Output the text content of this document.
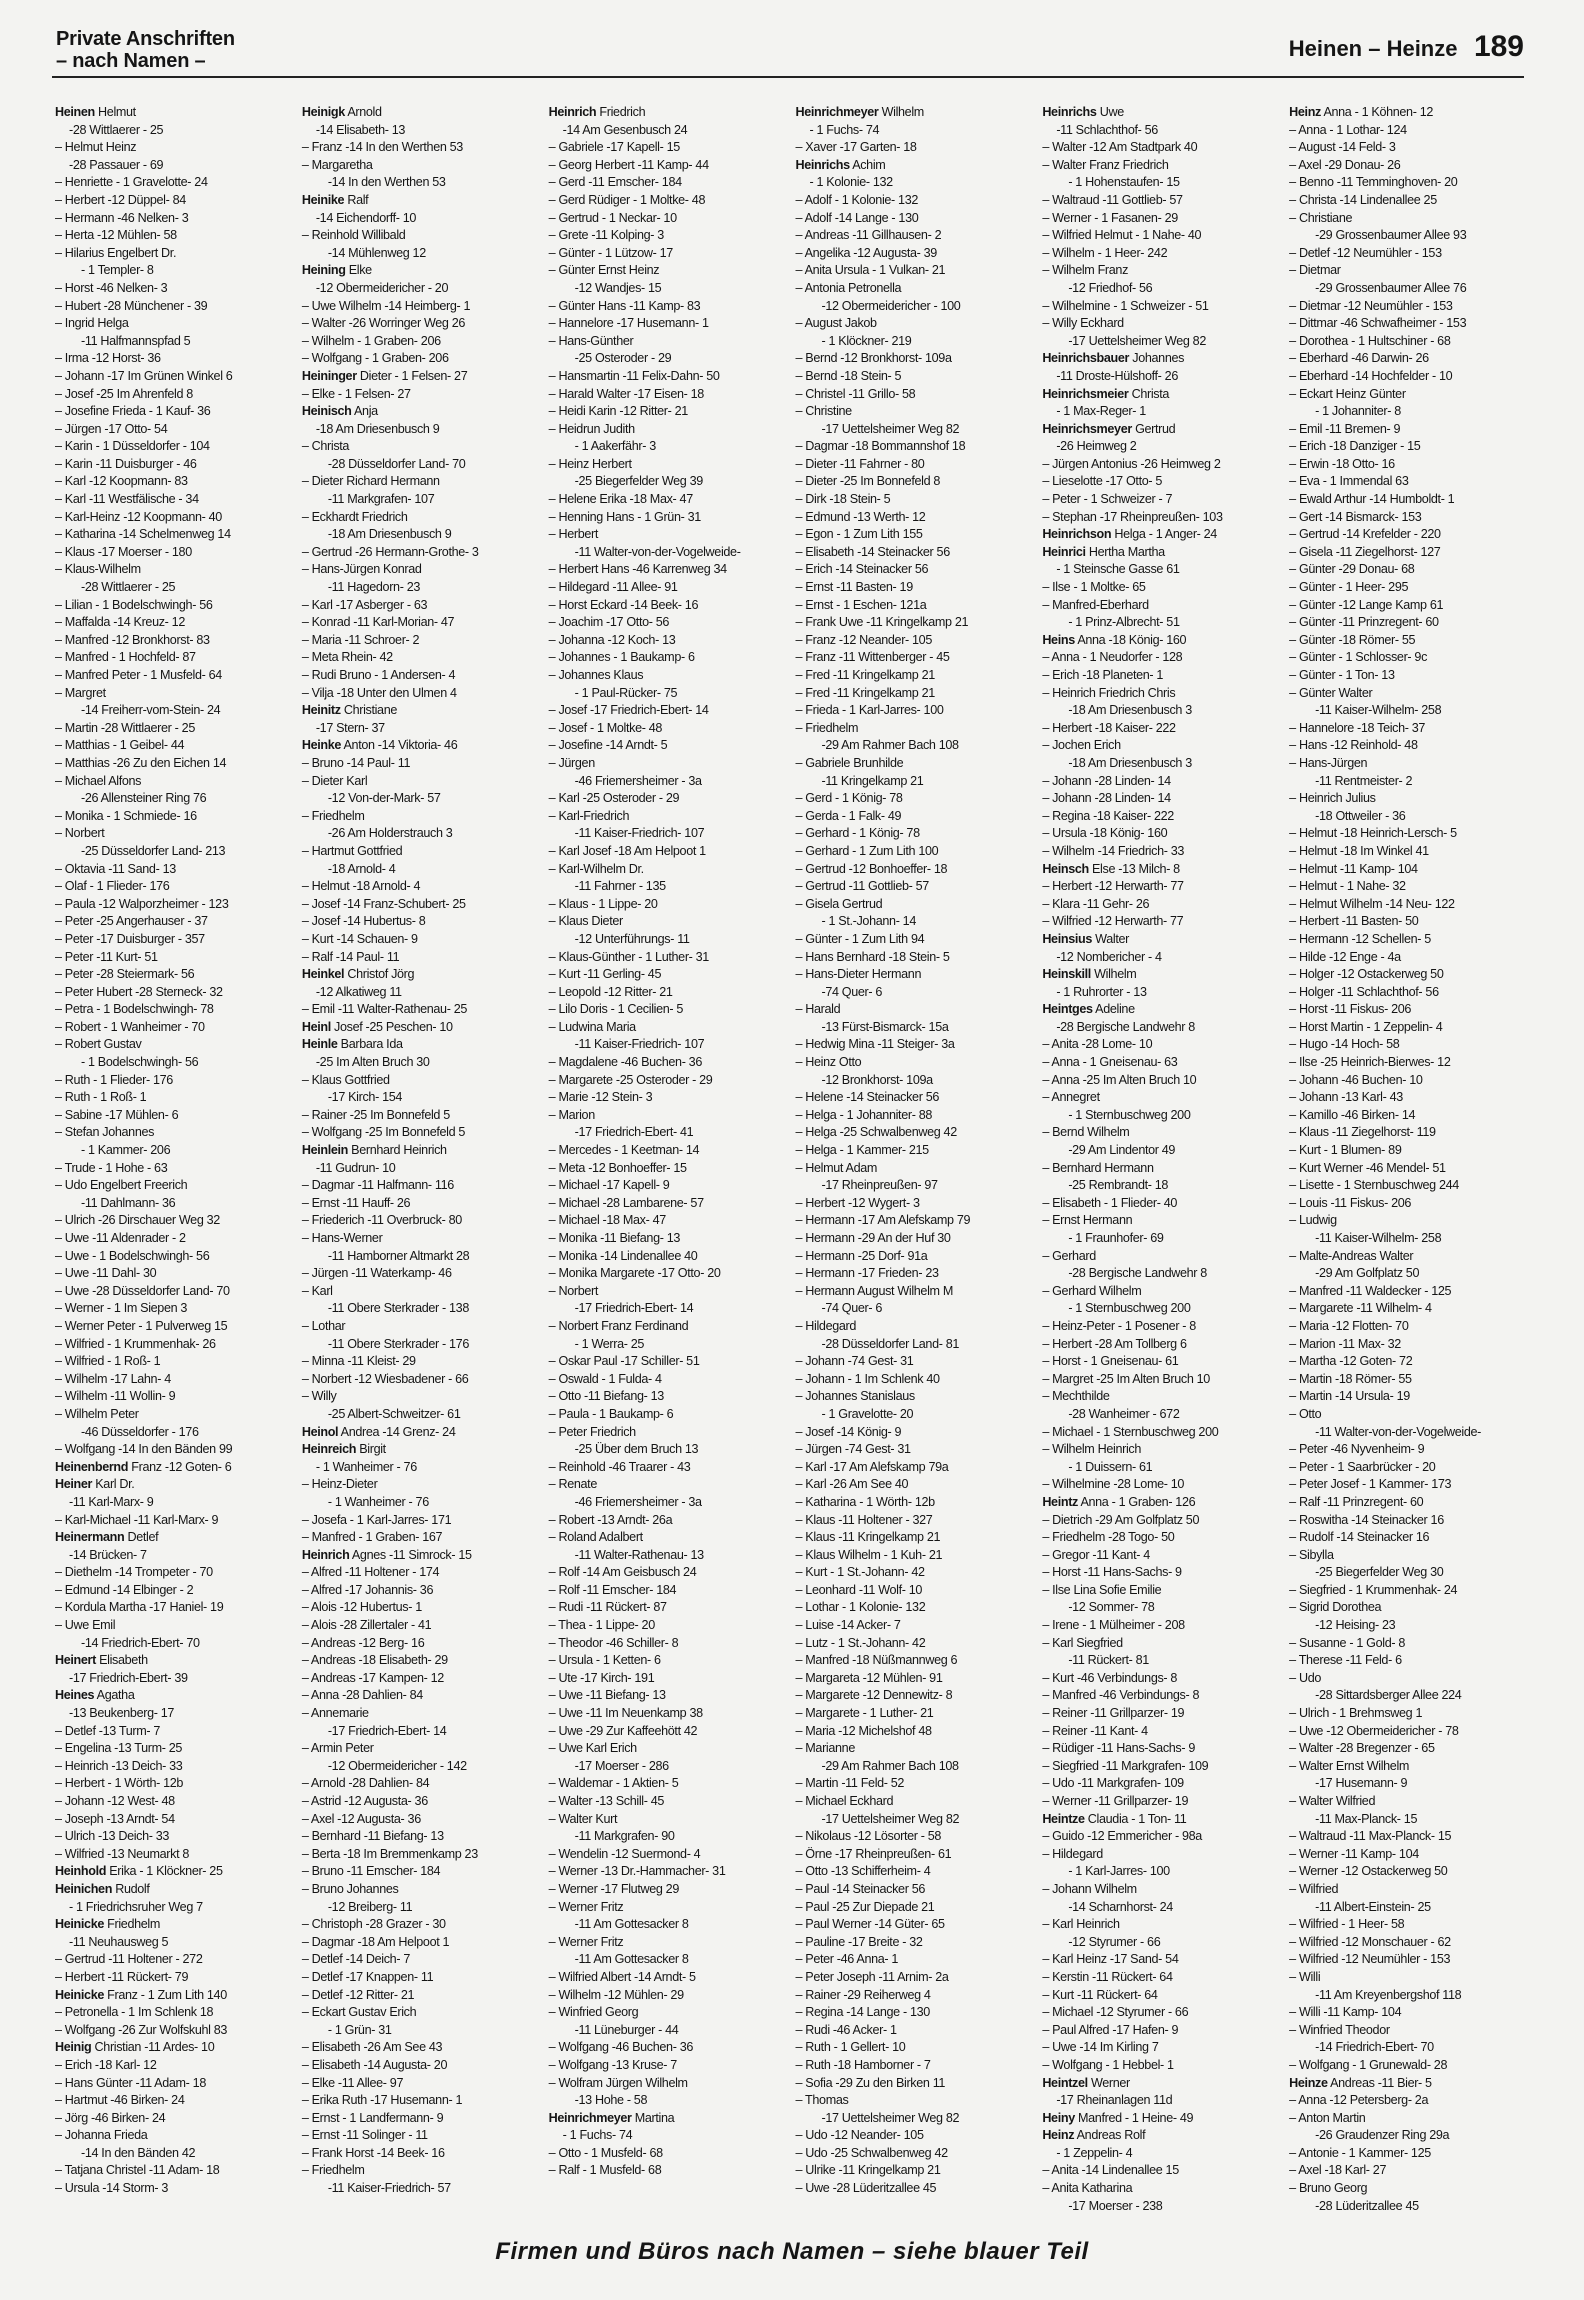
Private Anschriften
– nach Namen –	Heinen – Heinze 189
Heinen Helmut
-28 Wittlaerer - 25
– Helmut Heinz
-28 Passauer - 69
– Henriette - 1 Gravelotte- 24
– Herbert -12 Düppel- 84
– Hermann -46 Nelken- 3
– Herta -12 Mühlen- 58
– Hilarius Engelbert Dr.
- 1 Templer- 8
– Horst -46 Nelken- 3
– Hubert -28 Münchener - 39
– Ingrid Helga
-11 Halfmannspfad 5
– Irma -12 Horst- 36
– Johann -17 Im Grünen Winkel 6
– Josef -25 Im Ahrenfeld 8
– Josefine Frieda - 1 Kauf- 36
– Jürgen -17 Otto- 54
– Karin - 1 Düsseldorfer - 104
– Karin -11 Duisburger - 46
– Karl -12 Koopmann- 83
– Karl -11 Westfälische - 34
– Karl-Heinz -12 Koopmann- 40
– Katharina -14 Schelmenweg 14
– Klaus -17 Moerser - 180
– Klaus-Wilhelm
-28 Wittlaerer - 25
– Lilian - 1 Bodelschwingh- 56
– Maffalda -14 Kreuz- 12
– Manfred -12 Bronkhorst- 83
– Manfred - 1 Hochfeld- 87
– Manfred Peter - 1 Musfeld- 64
– Margret
-14 Freiherr-vom-Stein- 24
– Martin -28 Wittlaerer - 25
– Matthias - 1 Geibel- 44
– Matthias -26 Zu den Eichen 14
– Michael Alfons
-26 Allensteiner Ring 76
– Monika - 1 Schmiede- 16
– Norbert
-25 Düsseldorfer Land- 213
– Oktavia -11 Sand- 13
– Olaf - 1 Flieder- 176
– Paula -12 Walporzheimer - 123
– Peter -25 Angerhauser - 37
– Peter -17 Duisburger - 357
– Peter -11 Kurt- 51
– Peter -28 Steiermark- 56
– Peter Hubert -28 Sterneck- 32
– Petra - 1 Bodelschwingh- 78
– Robert - 1 Wanheimer - 70
– Robert Gustav
- 1 Bodelschwingh- 56
– Ruth - 1 Flieder- 176
– Ruth - 1 Roß- 1
– Sabine -17 Mühlen- 6
– Stefan Johannes
- 1 Kammer- 206
– Trude - 1 Hohe - 63
– Udo Engelbert Freerich
-11 Dahlmann- 36
– Ulrich -26 Dirschauer Weg 32
– Uwe -11 Aldenrader - 2
– Uwe - 1 Bodelschwingh- 56
– Uwe -11 Dahl- 30
– Uwe -28 Düsseldorfer Land- 70
– Werner - 1 Im Siepen 3
– Werner Peter - 1 Pulverweg 15
– Wilfried - 1 Krummenhak- 26
– Wilfried - 1 Roß- 1
– Wilhelm -17 Lahn- 4
– Wilhelm -11 Wollin- 9
– Wilhelm Peter
-46 Düsseldorfer - 176
– Wolfgang -14 In den Bänden 99
Heinenbernd Franz -12 Goten- 6
Heiner Karl Dr.
-11 Karl-Marx- 9
– Karl-Michael -11 Karl-Marx- 9
Heinermann Detlef
-14 Brücken- 7
– Diethelm -14 Trompeter - 70
– Edmund -14 Elbinger - 2
– Kordula Martha -17 Haniel- 19
– Uwe Emil
-14 Friedrich-Ebert- 70
Heinert Elisabeth
-17 Friedrich-Ebert- 39
Heines Agatha
-13 Beukenberg- 17
– Detlef -13 Turm- 7
– Engelina -13 Turm- 25
– Heinrich -13 Deich- 33
– Herbert - 1 Wörth- 12b
– Johann -12 West- 48
– Joseph -13 Arndt- 54
– Ulrich -13 Deich- 33
– Wilfried -13 Neumarkt 8
Heinhold Erika - 1 Klöckner- 25
Heinichen Rudolf
- 1 Friedrichsruher Weg 7
Heinicke Friedhelm
-11 Neuhausweg 5
– Gertrud -11 Holtener - 272
– Herbert -11 Rückert- 79
Heinicke Franz - 1 Zum Lith 140
– Petronella - 1 Im Schlenk 18
– Wolfgang -26 Zur Wolfskuhl 83
Heinig Christian -11 Ardes- 10
– Erich -18 Karl- 12
– Hans Günter -11 Adam- 18
– Hartmut -46 Birken- 24
– Jörg -46 Birken- 24
– Johanna Frieda
-14 In den Bänden 42
– Tatjana Christel -11 Adam- 18
– Ursula -14 Storm- 3
Heinigk Arnold
-14 Elisabeth- 13
– Franz -14 In den Werthen 53
– Margaretha
-14 In den Werthen 53
Heinike Ralf
-14 Eichendorff- 10
– Reinhold Willibald
-14 Mühlenweg 12
Heining Elke
-12 Obermeidericher - 20
– Uwe Wilhelm -14 Heimberg- 1
– Walter -26 Worringer Weg 26
– Wilhelm - 1 Graben- 206
– Wolfgang - 1 Graben- 206
Heininger Dieter - 1 Felsen- 27
– Elke - 1 Felsen- 27
Heinisch Anja
-18 Am Driesenbusch 9
– Christa
-28 Düsseldorfer Land- 70
– Dieter Richard Hermann
-11 Markgrafen- 107
– Eckhardt Friedrich
-18 Am Driesenbusch 9
– Gertrud -26 Hermann-Grothe- 3
– Hans-Jürgen Konrad
-11 Hagedorn- 23
– Karl -17 Asberger - 63
– Konrad -11 Karl-Morian- 47
– Maria -11 Schroer- 2
– Meta Rhein- 42
– Rudi Bruno - 1 Andersen- 4
– Vilja -18 Unter den Ulmen 4
Heinitz Christiane
-17 Stern- 37
Heinke Anton -14 Viktoria- 46
– Bruno -14 Paul- 11
– Dieter Karl
-12 Von-der-Mark- 57
– Friedhelm
-26 Am Holderstrauch 3
– Hartmut Gottfried
-18 Arnold- 4
– Helmut -18 Arnold- 4
– Josef -14 Franz-Schubert- 25
– Josef -14 Hubertus- 8
– Kurt -14 Schauen- 9
– Ralf -14 Paul- 11
Heinkel Christof Jörg
-12 Alkatiweg 11
– Emil -11 Walter-Rathenau- 25
Heinl Josef -25 Peschen- 10
Heinle Barbara Ida
-25 Im Alten Bruch 30
– Klaus Gottfried
-17 Kirch- 154
– Rainer -25 Im Bonnefeld 5
– Wolfgang -25 Im Bonnefeld 5
Heinlein Bernhard Heinrich
-11 Gudrun- 10
– Dagmar -11 Halfmann- 116
– Ernst -11 Hauff- 26
– Friederich -11 Overbruck- 80
– Hans-Werner
-11 Hamborner Altmarkt 28
– Jürgen -11 Waterkamp- 46
– Karl
-11 Obere Sterkrader - 138
– Lothar
-11 Obere Sterkrader - 176
– Minna -11 Kleist- 29
– Norbert -12 Wiesbadener - 66
– Willy
-25 Albert-Schweitzer- 61
Heinol Andrea -14 Grenz- 24
Heinreich Birgit
- 1 Wanheimer - 76
– Heinz-Dieter
- 1 Wanheimer - 76
– Josefa - 1 Karl-Jarres- 171
– Manfred - 1 Graben- 167
Heinrich Agnes -11 Simrock- 15
– Alfred -11 Holtener - 174
– Alfred -17 Johannis- 36
– Alois -12 Hubertus- 1
– Alois -28 Zillertaler - 41
– Andreas -12 Berg- 16
– Andreas -18 Elisabeth- 29
– Andreas -17 Kampen- 12
– Anna -28 Dahlien- 84
– Annemarie
-17 Friedrich-Ebert- 14
– Armin Peter
-12 Obermeidericher - 142
– Arnold -28 Dahlien- 84
– Astrid -12 Augusta- 36
– Axel -12 Augusta- 36
– Bernhard -11 Biefang- 13
– Berta -18 Im Bremmenkamp 23
– Bruno -11 Emscher- 184
– Bruno Johannes
-12 Breiberg- 11
– Christoph -28 Grazer - 30
– Dagmar -18 Am Helpoot 1
– Detlef -14 Deich- 7
– Detlef -17 Knappen- 11
– Detlef -12 Ritter- 21
– Eckart Gustav Erich
- 1 Grün- 31
– Elisabeth -26 Am See 43
– Elisabeth -14 Augusta- 20
– Elke -11 Allee- 97
– Erika Ruth -17 Husemann- 1
– Ernst - 1 Landfermann- 9
– Ernst -11 Solinger - 11
– Frank Horst -14 Beek- 16
– Friedhelm
-11 Kaiser-Friedrich- 57
Heinrich Friedrich
-14 Am Gesenbusch 24
– Gabriele -17 Kapell- 15
– Georg Herbert -11 Kamp- 44
– Gerd -11 Emscher- 184
– Gerd Rüdiger - 1 Moltke- 48
– Gertrud - 1 Neckar- 10
– Grete -11 Kolping- 3
– Günter - 1 Lützow- 17
– Günter Ernst Heinz
-12 Wandjes- 15
– Günter Hans -11 Kamp- 83
– Hannelore -17 Husemann- 1
– Hans-Günther
-25 Osteroder - 29
– Hansmartin -11 Felix-Dahn- 50
– Harald Walter -17 Eisen- 18
– Heidi Karin -12 Ritter- 21
– Heidrun Judith
- 1 Aakerfähr- 3
– Heinz Herbert
-25 Biegerfelder Weg 39
– Helene Erika -18 Max- 47
– Henning Hans - 1 Grün- 31
– Herbert
-11 Walter-von-der-Vogelweide-
– Herbert Hans -46 Karrenweg 34
– Hildegard -11 Allee- 91
– Horst Eckard -14 Beek- 16
– Joachim -17 Otto- 56
– Johanna -12 Koch- 13
– Johannes - 1 Baukamp- 6
– Johannes Klaus
- 1 Paul-Rücker- 75
– Josef -17 Friedrich-Ebert- 14
– Josef - 1 Moltke- 48
– Josefine -14 Arndt- 5
– Jürgen
-46 Friemersheimer - 3a
– Karl -25 Osteroder - 29
– Karl-Friedrich
-11 Kaiser-Friedrich- 107
– Karl Josef -18 Am Helpoot 1
– Karl-Wilhelm Dr.
-11 Fahrner - 135
– Klaus - 1 Lippe- 20
– Klaus Dieter
-12 Unterführungs- 11
– Klaus-Günther - 1 Luther- 31
– Kurt -11 Gerling- 45
– Leopold -12 Ritter- 21
– Lilo Doris - 1 Cecilien- 5
– Ludwina Maria
-11 Kaiser-Friedrich- 107
– Magdalene -46 Buchen- 36
– Margarete -25 Osteroder - 29
– Marie -12 Stein- 3
– Marion
-17 Friedrich-Ebert- 41
– Mercedes - 1 Keetman- 14
– Meta -12 Bonhoeffer- 15
– Michael -17 Kapell- 9
– Michael -28 Lambarene- 57
– Michael -18 Max- 47
– Monika -11 Biefang- 13
– Monika -14 Lindenallee 40
– Monika Margarete -17 Otto- 20
– Norbert
-17 Friedrich-Ebert- 14
– Norbert Franz Ferdinand
- 1 Werra- 25
– Oskar Paul -17 Schiller- 51
– Oswald - 1 Fulda- 4
– Otto -11 Biefang- 13
– Paula - 1 Baukamp- 6
– Peter Friedrich
-25 Über dem Bruch 13
– Reinhold -46 Traarer - 43
– Renate
-46 Friemersheimer - 3a
– Robert -13 Arndt- 26a
– Roland Adalbert
-11 Walter-Rathenau- 13
– Rolf -14 Am Geisbusch 24
– Rolf -11 Emscher- 184
– Rudi -11 Rückert- 87
– Thea - 1 Lippe- 20
– Theodor -46 Schiller- 8
– Ursula - 1 Ketten- 6
– Ute -17 Kirch- 191
– Uwe -11 Biefang- 13
– Uwe -11 Im Neuenkamp 38
– Uwe -29 Zur Kaffeehött 42
– Uwe Karl Erich
-17 Moerser - 286
– Waldemar - 1 Aktien- 5
– Walter -13 Schill- 45
– Walter Kurt
-11 Markgrafen- 90
– Wendelin -12 Suermond- 4
– Werner -13 Dr.-Hammacher- 31
– Werner -17 Flutweg 29
– Werner Fritz
-11 Am Gottesacker 8
– Werner Fritz
-11 Am Gottesacker 8
– Wilfried Albert -14 Arndt- 5
– Wilhelm -12 Mühlen- 29
– Winfried Georg
-11 Lüneburger - 44
– Wolfgang -46 Buchen- 36
– Wolfgang -13 Kruse- 7
– Wolfram Jürgen Wilhelm
-13 Hohe - 58
Heinrichmeyer Martina
- 1 Fuchs- 74
– Otto - 1 Musfeld- 68
– Ralf - 1 Musfeld- 68
Heinrichmeyer Wilhelm
- 1 Fuchs- 74
– Xaver -17 Garten- 18
Heinrichs Achim
- 1 Kolonie- 132
– Adolf - 1 Kolonie- 132
– Adolf -14 Lange - 130
– Andreas -11 Gillhausen- 2
– Angelika -12 Augusta- 39
– Anita Ursula - 1 Vulkan- 21
– Antonia Petronella
-12 Obermeidericher - 100
– August Jakob
- 1 Klöckner- 219
– Bernd -12 Bronkhorst- 109a
– Bernd -18 Stein- 5
– Christel -11 Grillo- 58
– Christine
-17 Uettelsheimer Weg 82
– Dagmar -18 Bommannshof 18
– Dieter -11 Fahrner - 80
– Dieter -25 Im Bonnefeld 8
– Dirk -18 Stein- 5
– Edmund -13 Werth- 12
– Egon - 1 Zum Lith 155
– Elisabeth -14 Steinacker 56
– Erich -14 Steinacker 56
– Ernst -11 Basten- 19
– Ernst - 1 Eschen- 121a
– Frank Uwe -11 Kringelkamp 21
– Franz -12 Neander- 105
– Franz -11 Wittenberger - 45
– Fred -11 Kringelkamp 21
– Fred -11 Kringelkamp 21
– Frieda - 1 Karl-Jarres- 100
– Friedhelm
-29 Am Rahmer Bach 108
– Gabriele Brunhilde
-11 Kringelkamp 21
– Gerd - 1 König- 78
– Gerda - 1 Falk- 49
– Gerhard - 1 König- 78
– Gerhard - 1 Zum Lith 100
– Gertrud -12 Bonhoeffer- 18
– Gertrud -11 Gottlieb- 57
– Gisela Gertrud
- 1 St.-Johann- 14
– Günter - 1 Zum Lith 94
– Hans Bernhard -18 Stein- 5
– Hans-Dieter Hermann
-74 Quer- 6
– Harald
-13 Fürst-Bismarck- 15a
– Hedwig Mina -11 Steiger- 3a
– Heinz Otto
-12 Bronkhorst- 109a
– Helene -14 Steinacker 56
– Helga - 1 Johanniter- 88
– Helga -25 Schwalbenweg 42
– Helga - 1 Kammer- 215
– Helmut Adam
-17 Rheinpreußen- 97
– Herbert -12 Wygert- 3
– Hermann -17 Am Alefskamp 79
– Hermann -29 An der Huf 30
– Hermann -25 Dorf- 91a
– Hermann -17 Frieden- 23
– Hermann August Wilhelm M
-74 Quer- 6
– Hildegard
-28 Düsseldorfer Land- 81
– Johann -74 Gest- 31
– Johann - 1 Im Schlenk 40
– Johannes Stanislaus
- 1 Gravelotte- 20
– Josef -14 König- 9
– Jürgen -74 Gest- 31
– Karl -17 Am Alefskamp 79a
– Karl -26 Am See 40
– Katharina - 1 Wörth- 12b
– Klaus -11 Holtener - 327
– Klaus -11 Kringelkamp 21
– Klaus Wilhelm - 1 Kuh- 21
– Kurt - 1 St.-Johann- 42
– Leonhard -11 Wolf- 10
– Lothar - 1 Kolonie- 132
– Luise -14 Acker- 7
– Lutz - 1 St.-Johann- 42
– Manfred -18 Nüßmannweg 6
– Margareta -12 Mühlen- 91
– Margarete -12 Dennewitz- 8
– Margarete - 1 Luther- 21
– Maria -12 Michelshof 48
– Marianne
-29 Am Rahmer Bach 108
– Martin -11 Feld- 52
– Michael Eckhard
-17 Uettelsheimer Weg 82
– Nikolaus -12 Lösorter - 58
– Örne -17 Rheinpreußen- 61
– Otto -13 Schifferheim- 4
– Paul -14 Steinacker 56
– Paul -25 Zur Diepade 21
– Paul Werner -14 Güter- 65
– Pauline -17 Breite - 32
– Peter -46 Anna- 1
– Peter Joseph -11 Arnim- 2a
– Rainer -29 Reiherweg 4
– Regina -14 Lange - 130
– Rudi -46 Acker- 1
– Ruth - 1 Gellert- 10
– Ruth -18 Hamborner - 7
– Sofia -29 Zu den Birken 11
– Thomas
-17 Uettelsheimer Weg 82
– Udo -12 Neander- 105
– Udo -25 Schwalbenweg 42
– Ulrike -11 Kringelkamp 21
– Uwe -28 Lüderitzallee 45
Heinrichs Uwe
-11 Schlachthof- 56
– Walter -12 Am Stadtpark 40
– Walter Franz Friedrich
- 1 Hohenstaufen- 15
– Waltraud -11 Gottlieb- 57
– Werner - 1 Fasanen- 29
– Wilfried Helmut - 1 Nahe- 40
– Wilhelm - 1 Heer- 242
– Wilhelm Franz
-12 Friedhof- 56
– Wilhelmine - 1 Schweizer - 51
– Willy Eckhard
-17 Uettelsheimer Weg 82
Heinrichsbauer Johannes
-11 Droste-Hülshoff- 26
Heinrichsmeier Christa
- 1 Max-Reger- 1
Heinrichsmeyer Gertrud
-26 Heimweg 2
– Jürgen Antonius -26 Heimweg 2
– Lieselotte -17 Otto- 5
– Peter - 1 Schweizer - 7
– Stephan -17 Rheinpreußen- 103
Heinrichson Helga - 1 Anger- 24
Heinrici Hertha Martha
- 1 Steinsche Gasse 61
– Ilse - 1 Moltke- 65
– Manfred-Eberhard
- 1 Prinz-Albrecht- 51
Heins Anna -18 König- 160
– Anna - 1 Neudorfer - 128
– Erich -18 Planeten- 1
– Heinrich Friedrich Chris
-18 Am Driesenbusch 3
– Herbert -18 Kaiser- 222
– Jochen Erich
-18 Am Driesenbusch 3
– Johann -28 Linden- 14
– Johann -28 Linden- 14
– Regina -18 Kaiser- 222
– Ursula -18 König- 160
– Wilhelm -14 Friedrich- 33
Heinsch Else -13 Milch- 8
– Herbert -12 Herwarth- 77
– Klara -11 Gehr- 26
– Wilfried -12 Herwarth- 77
Heinsius Walter
-12 Nombericher - 4
Heinskill Wilhelm
- 1 Ruhrorter - 13
Heintges Adeline
-28 Bergische Landwehr 8
– Anita -28 Lome- 10
– Anna - 1 Gneisenau- 63
– Anna -25 Im Alten Bruch 10
– Annegret
- 1 Sternbuschweg 200
– Bernd Wilhelm
-29 Am Lindentor 49
– Bernhard Hermann
-25 Rembrandt- 18
– Elisabeth - 1 Flieder- 40
– Ernst Hermann
- 1 Fraunhofer- 69
– Gerhard
-28 Bergische Landwehr 8
– Gerhard Wilhelm
- 1 Sternbuschweg 200
– Heinz-Peter - 1 Posener - 8
– Herbert -28 Am Tollberg 6
– Horst - 1 Gneisenau- 61
– Margret -25 Im Alten Bruch 10
– Mechthilde
-28 Wanheimer - 672
– Michael - 1 Sternbuschweg 200
– Wilhelm Heinrich
- 1 Duissern- 61
– Wilhelmine -28 Lome- 10
Heintz Anna - 1 Graben- 126
– Dietrich -29 Am Golfplatz 50
– Friedhelm -28 Togo- 50
– Gregor -11 Kant- 4
– Horst -11 Hans-Sachs- 9
– Ilse Lina Sofie Emilie
-12 Sommer- 78
– Irene - 1 Mülheimer - 208
– Karl Siegfried
-11 Rückert- 81
– Kurt -46 Verbindungs- 8
– Manfred -46 Verbindungs- 8
– Reiner -11 Grillparzer- 19
– Reiner -11 Kant- 4
– Rüdiger -11 Hans-Sachs- 9
– Siegfried -11 Markgrafen- 109
– Udo -11 Markgrafen- 109
– Werner -11 Grillparzer- 19
Heintze Claudia - 1 Ton- 11
– Guido -12 Emmericher - 98a
– Hildegard
- 1 Karl-Jarres- 100
– Johann Wilhelm
-14 Scharnhorst- 24
– Karl Heinrich
-12 Styrumer - 66
– Karl Heinz -17 Sand- 54
– Kerstin -11 Rückert- 64
– Kurt -11 Rückert- 64
– Michael -12 Styrumer - 66
– Paul Alfred -17 Hafen- 9
– Uwe -14 Im Kirling 7
– Wolfgang - 1 Hebbel- 1
Heintzel Werner
-17 Rheinanlagen 11d
Heiny Manfred - 1 Heine- 49
Heinz Andreas Rolf
- 1 Zeppelin- 4
– Anita -14 Lindenallee 15
– Anita Katharina
-17 Moerser - 238
Heinz Anna - 1 Köhnen- 12
– Anna - 1 Lothar- 124
– August -14 Feld- 3
– Axel -29 Donau- 26
– Benno -11 Temminghoven- 20
– Christa -14 Lindenallee 25
– Christiane
-29 Grossenbaumer Allee 93
– Detlef -12 Neumühler - 153
– Dietmar
-29 Grossenbaumer Allee 76
– Dietmar -12 Neumühler - 153
– Dittmar -46 Schwafheimer - 153
– Dorothea - 1 Hultschiner - 68
– Eberhard -46 Darwin- 26
– Eberhard -14 Hochfelder - 10
– Eckart Heinz Günter
- 1 Johanniter- 8
– Emil -11 Bremen- 9
– Erich -18 Danziger - 15
– Erwin -18 Otto- 16
– Eva - 1 Immendal 63
– Ewald Arthur -14 Humboldt- 1
– Gert -14 Bismarck- 153
– Gertrud -14 Krefelder - 220
– Gisela -11 Ziegelhorst- 127
– Günter -29 Donau- 68
– Günter - 1 Heer- 295
– Günter -12 Lange Kamp 61
– Günter -11 Prinzregent- 60
– Günter -18 Römer- 55
– Günter - 1 Schlosser- 9c
– Günter - 1 Ton- 13
– Günter Walter
-11 Kaiser-Wilhelm- 258
– Hannelore -18 Teich- 37
– Hans -12 Reinhold- 48
– Hans-Jürgen
-11 Rentmeister- 2
– Heinrich Julius
-18 Ottweiler - 36
– Helmut -18 Heinrich-Lersch- 5
– Helmut -18 Im Winkel 41
– Helmut -11 Kamp- 104
– Helmut - 1 Nahe- 32
– Helmut Wilhelm -14 Neu- 122
– Herbert -11 Basten- 50
– Hermann -12 Schellen- 5
– Hilde -12 Enge - 4a
– Holger -12 Ostackerweg 50
– Holger -11 Schlachthof- 56
– Horst -11 Fiskus- 206
– Horst Martin - 1 Zeppelin- 4
– Hugo -14 Hoch- 58
– Ilse -25 Heinrich-Bierwes- 12
– Johann -46 Buchen- 10
– Johann -13 Karl- 43
– Kamillo -46 Birken- 14
– Klaus -11 Ziegelhorst- 119
– Kurt - 1 Blumen- 89
– Kurt Werner -46 Mendel- 51
– Lisette - 1 Sternbuschweg 244
– Louis -11 Fiskus- 206
– Ludwig
-11 Kaiser-Wilhelm- 258
– Malte-Andreas Walter
-29 Am Golfplatz 50
– Manfred -11 Waldecker - 125
– Margarete -11 Wilhelm- 4
– Maria -12 Flotten- 70
– Marion -11 Max- 32
– Martha -12 Goten- 72
– Martin -18 Römer- 55
– Martin -14 Ursula- 19
– Otto
-11 Walter-von-der-Vogelweide-
– Peter -46 Nyvenheim- 9
– Peter - 1 Saarbrücker - 20
– Peter Josef - 1 Kammer- 173
– Ralf -11 Prinzregent- 60
– Roswitha -14 Steinacker 16
– Rudolf -14 Steinacker 16
– Sibylla
-25 Biegerfelder Weg 30
– Siegfried - 1 Krummenhak- 24
– Sigrid Dorothea
-12 Heising- 23
– Susanne - 1 Gold- 8
– Therese -11 Feld- 6
– Udo
-28 Sittardsberger Allee 224
– Ulrich - 1 Brehmsweg 1
– Uwe -12 Obermeidericher - 78
– Walter -28 Bregenzer - 65
– Walter Ernst Wilhelm
-17 Husemann- 9
– Walter Wilfried
-11 Max-Planck- 15
– Waltraud -11 Max-Planck- 15
– Werner -11 Kamp- 104
– Werner -12 Ostackerweg 50
– Wilfried
-11 Albert-Einstein- 25
– Wilfried - 1 Heer- 58
– Wilfried -12 Monschauer - 62
– Wilfried -12 Neumühler - 153
– Willi
-11 Am Kreyenbergshof 118
– Willi -11 Kamp- 104
– Winfried Theodor
-14 Friedrich-Ebert- 70
– Wolfgang - 1 Grunewald- 28
Heinze Andreas -11 Bier- 5
– Anna -12 Petersberg- 2a
– Anton Martin
-26 Graudenzer Ring 29a
– Antonie - 1 Kammer- 125
– Axel -18 Karl- 27
– Bruno Georg
-28 Lüderitzallee 45
Firmen und Büros nach Namen – siehe blauer Teil
